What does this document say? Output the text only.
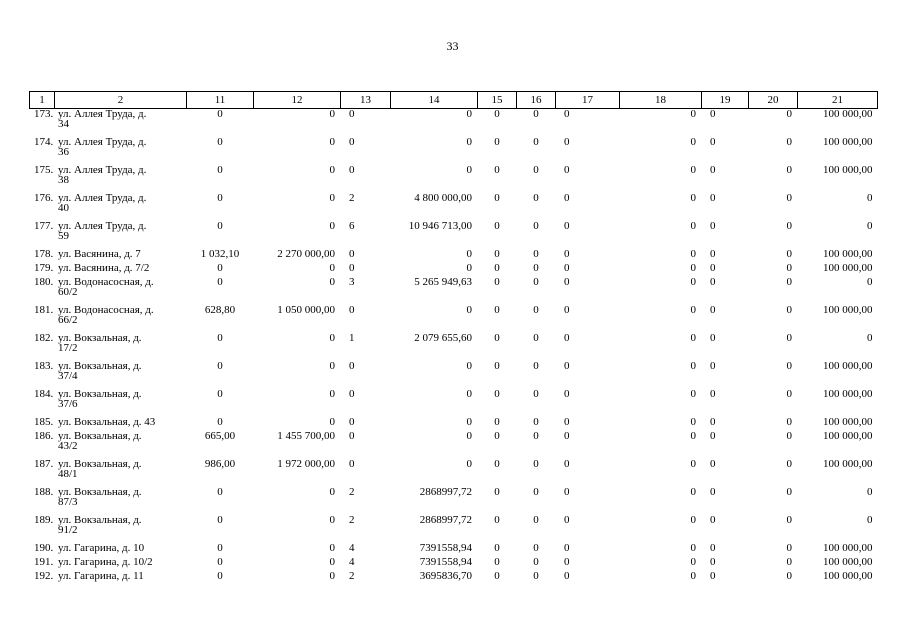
33
1	2	11	12	13	14	15	16	17	18	19	20	21
173. ул. Аллея Труда, д. 34		0	0	0	0	0	0	0	0	0	0	100 000,00
174. ул. Аллея Труда, д. 36		0	0	0	0	0	0	0	0	0	0	100 000,00
175. ул. Аллея Труда, д. 38		0	0	0	0	0	0	0	0	0	0	100 000,00
176. ул. Аллея Труда, д. 40		0	0	2	4 800 000,00	0	0	0	0	0	0	0
177. ул. Аллея Труда, д. 59		0	0	6	10 946 713,00	0	0	0	0	0	0	0
178. ул. Васянина, д. 7		1 032,10	2 270 000,00	0	0	0	0	0	0	0	0	100 000,00
179. ул. Васянина, д. 7/2		0	0	0	0	0	0	0	0	0	0	100 000,00
180. ул. Водонасосная, д. 60/2		0	0	3	5 265 949,63	0	0	0	0	0	0	0
181. ул. Водонасосная, д. 66/2		628,80	1 050 000,00	0	0	0	0	0	0	0	0	100 000,00
182. ул. Вокзальная, д. 17/2		0	0	1	2 079 655,60	0	0	0	0	0	0	0
183. ул. Вокзальная, д. 37/4		0	0	0	0	0	0	0	0	0	0	100 000,00
184. ул. Вокзальная, д. 37/6		0	0	0	0	0	0	0	0	0	0	100 000,00
185. ул. Вокзальная, д. 43		0	0	0	0	0	0	0	0	0	0	100 000,00
186. ул. Вокзальная, д. 43/2		665,00	1 455 700,00	0	0	0	0	0	0	0	0	100 000,00
187. ул. Вокзальная, д. 48/1		986,00	1 972 000,00	0	0	0	0	0	0	0	0	100 000,00
188. ул. Вокзальная, д. 87/3		0	0	2	2868997,72	0	0	0	0	0	0	0
189. ул. Вокзальная, д. 91/2		0	0	2	2868997,72	0	0	0	0	0	0	0
190. ул. Гагарина, д. 10		0	0	4	7391558,94	0	0	0	0	0	0	100 000,00
191. ул. Гагарина, д. 10/2		0	0	4	7391558,94	0	0	0	0	0	0	100 000,00
192. ул. Гагарина, д. 11		0	0	2	3695836,70	0	0	0	0	0	0	100 000,00
